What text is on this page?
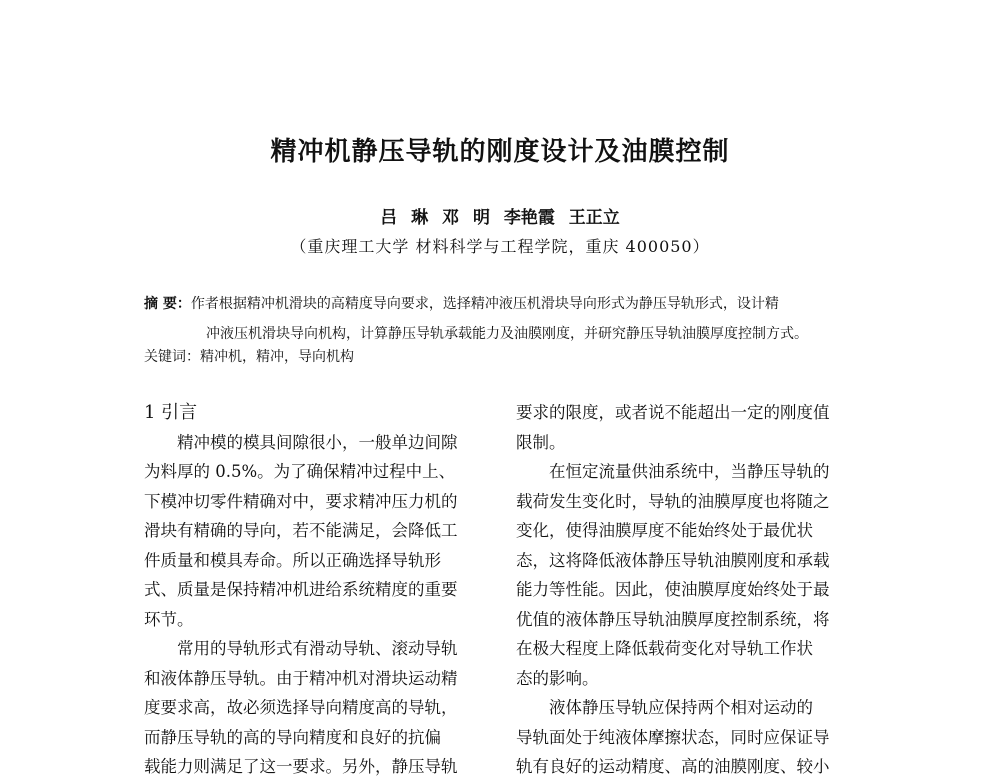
精冲机静压导轨的刚度设计及油膜控制

吕 琳 邓 明 李艳霞 王正立

（重庆理工大学 材料科学与工程学院，重庆 400050）

摘 要：作者根据精冲机滑块的高精度导向要求，选择精冲液压机滑块导向形式为静压导轨形式，设计精
冲液压机滑块导向机构，计算静压导轨承载能力及油膜刚度，并研究静压导轨油膜厚度控制方式。
关键词：精冲机，精冲，导向机构
1 引言
精冲模的模具间隙很小，一般单边间隙
为料厚的 0.5%。为了确保精冲过程中上、
下模冲切零件精确对中，要求精冲压力机的
滑块有精确的导向，若不能满足，会降低工
件质量和模具寿命。所以正确选择导轨形
式、质量是保持精冲机进给系统精度的重要
环节。
常用的导轨形式有滑动导轨、滚动导轨
和液体静压导轨。由于精冲机对滑块运动精
度要求高，故必须选择导向精度高的导轨，
而静压导轨的高的导向精度和良好的抗偏
载能力则满足了这一要求。另外，静压导轨
要求的限度，或者说不能超出一定的刚度值
限制。
在恒定流量供油系统中，当静压导轨的
载荷发生变化时，导轨的油膜厚度也将随之
变化，使得油膜厚度不能始终处于最优状
态，这将降低液体静压导轨油膜刚度和承载
能力等性能。因此，使油膜厚度始终处于最
优值的液体静压导轨油膜厚度控制系统，将
在极大程度上降低载荷变化对导轨工作状
态的影响。
液体静压导轨应保持两个相对运动的
导轨面处于纯液体摩擦状态，同时应保证导
轨有良好的运动精度、高的油膜刚度、较小
